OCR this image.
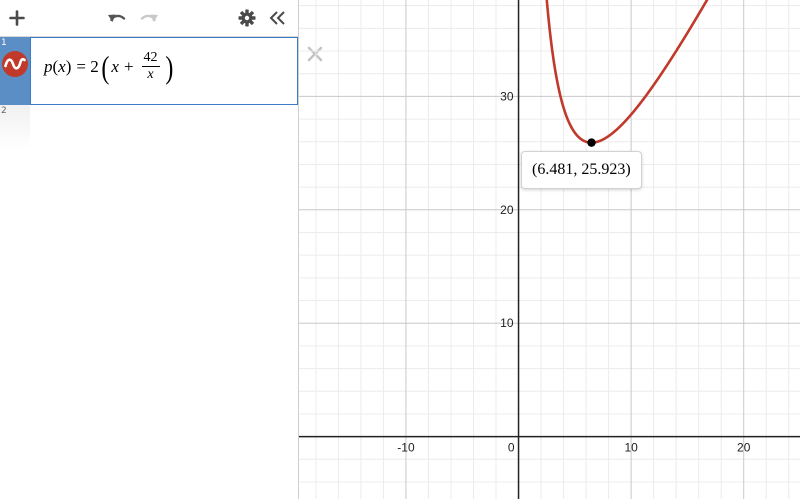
1
p ( x ) = 2 ( $x + \frac{42}{x}$ )
2
-10	0	10	20
10
20
30
(6.481, 25.923)
